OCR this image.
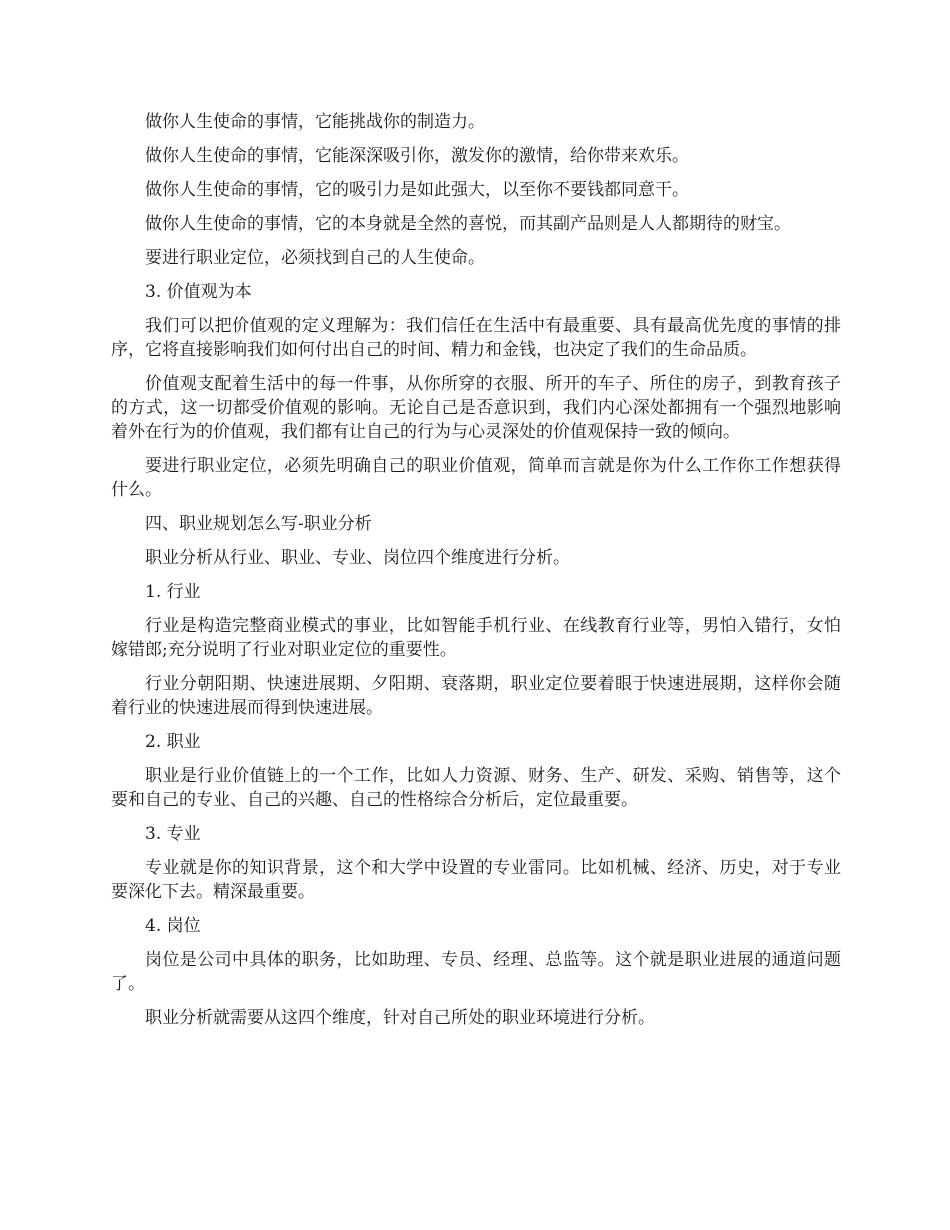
做你人生使命的事情，它能挑战你的制造力。

做你人生使命的事情，它能深深吸引你，激发你的激情，给你带来欢乐。

做你人生使命的事情，它的吸引力是如此强大，以至你不要钱都同意干。

做你人生使命的事情，它的本身就是全然的喜悦，而其副产品则是人人都期待的财宝。

要进行职业定位，必须找到自己的人生使命。

3. 价值观为本

我们可以把价值观的定义理解为：我们信任在生活中有最重要、具有最高优先度的事情的排序，它将直接影响我们如何付出自己的时间、精力和金钱，也决定了我们的生命品质。

价值观支配着生活中的每一件事，从你所穿的衣服、所开的车子、所住的房子，到教育孩子的方式，这一切都受价值观的影响。无论自己是否意识到，我们内心深处都拥有一个强烈地影响着外在行为的价值观，我们都有让自己的行为与心灵深处的价值观保持一致的倾向。

要进行职业定位，必须先明确自己的职业价值观，简单而言就是你为什么工作你工作想获得什么。

四、职业规划怎么写-职业分析

职业分析从行业、职业、专业、岗位四个维度进行分析。

1. 行业

行业是构造完整商业模式的事业，比如智能手机行业、在线教育行业等，男怕入错行，女怕嫁错郎;充分说明了行业对职业定位的重要性。

行业分朝阳期、快速进展期、夕阳期、衰落期，职业定位要着眼于快速进展期，这样你会随着行业的快速进展而得到快速进展。

2. 职业

职业是行业价值链上的一个工作，比如人力资源、财务、生产、研发、采购、销售等，这个要和自己的专业、自己的兴趣、自己的性格综合分析后，定位最重要。

3. 专业

专业就是你的知识背景，这个和大学中设置的专业雷同。比如机械、经济、历史，对于专业要深化下去。精深最重要。

4. 岗位

岗位是公司中具体的职务，比如助理、专员、经理、总监等。这个就是职业进展的通道问题了。

职业分析就需要从这四个维度，针对自己所处的职业环境进行分析。
